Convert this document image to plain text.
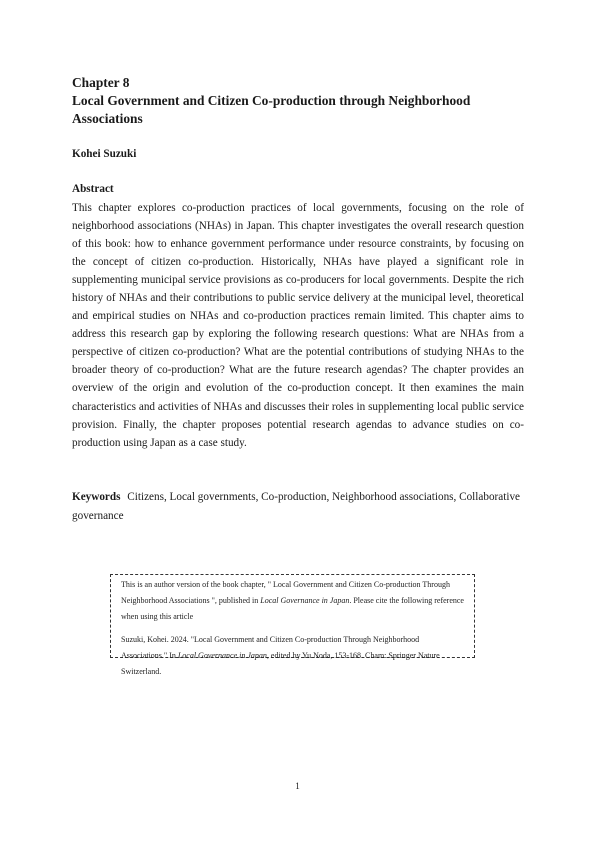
Chapter 8
Local Government and Citizen Co-production through Neighborhood
Associations
Kohei Suzuki
Abstract

This chapter explores co-production practices of local governments, focusing on the role of neighborhood associations (NHAs) in Japan. This chapter investigates the overall research question of this book: how to enhance government performance under resource constraints, by focusing on the concept of citizen co-production. Historically, NHAs have played a significant role in supplementing municipal service provisions as co-producers for local governments. Despite the rich history of NHAs and their contributions to public service delivery at the municipal level, theoretical and empirical studies on NHAs and co-production practices remain limited. This chapter aims to address this research gap by exploring the following research questions: What are NHAs from a perspective of citizen co-production? What are the potential contributions of studying NHAs to the broader theory of co-production? What are the future research agendas? The chapter provides an overview of the origin and evolution of the co-production concept. It then examines the main characteristics and activities of NHAs and discusses their roles in supplementing local public service provision. Finally, the chapter proposes potential research agendas to advance studies on co-production using Japan as a case study.

Keywords Citizens, Local governments, Co-production, Neighborhood associations, Collaborative governance

This is an author version of the book chapter, " Local Government and Citizen Co-production Through Neighborhood Associations ", published in Local Governance in Japan. Please cite the following reference when using this article

Suzuki, Kohei. 2024. "Local Government and Citizen Co-production Through Neighborhood Associations." In Local Governance in Japan, edited by Yu Noda, 153-168. Cham: Springer Nature Switzerland.

1
